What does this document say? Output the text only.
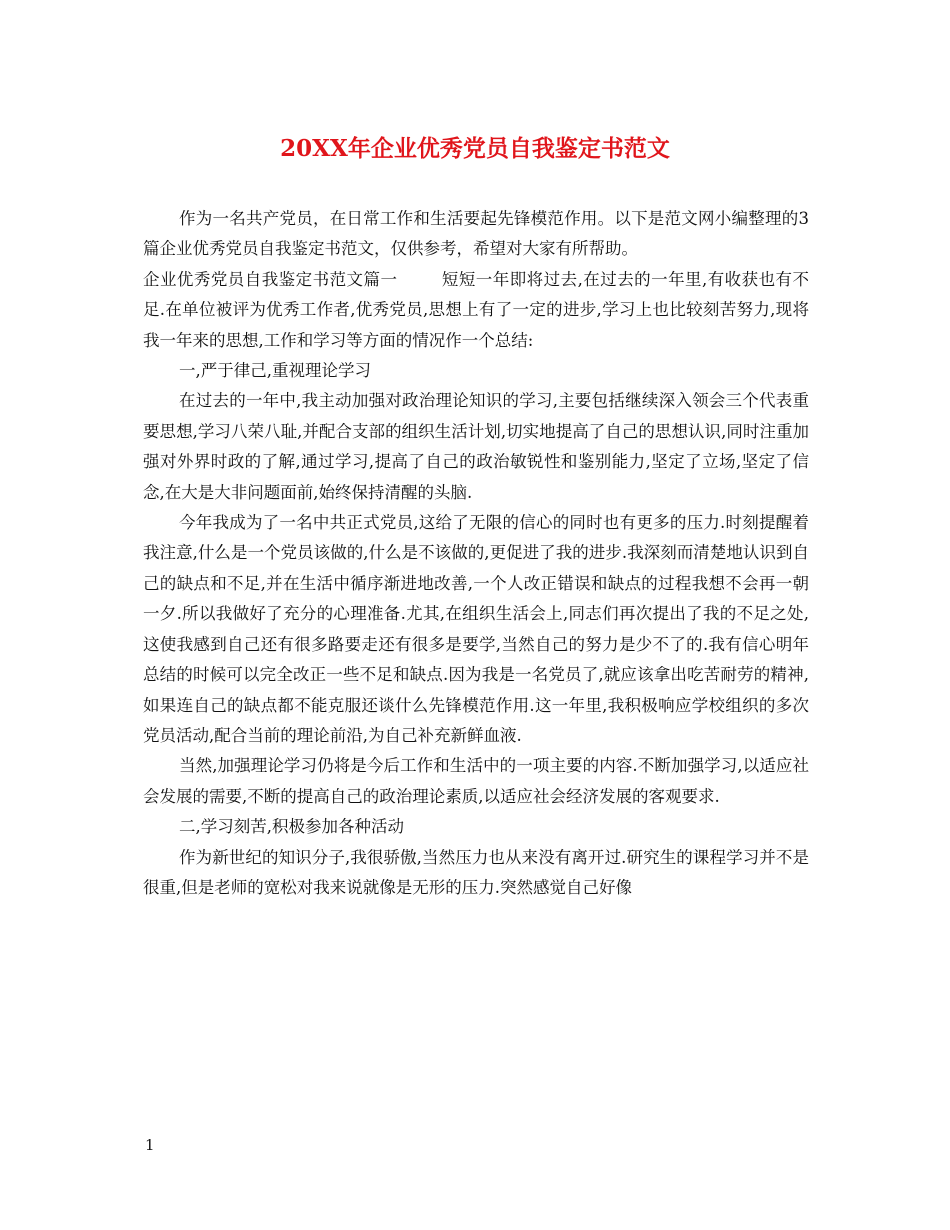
20XX年企业优秀党员自我鉴定书范文

作为一名共产党员，在日常工作和生活要起先锋模范作用。以下是范文网小编整理的3篇企业优秀党员自我鉴定书范文，仅供参考，希望对大家有所帮助。

企业优秀党员自我鉴定书范文篇一	短短一年即将过去,在过去的一年里,有收获也有不足.在单位被评为优秀工作者,优秀党员,思想上有了一定的进步,学习上也比较刻苦努力,现将我一年来的思想,工作和学习等方面的情况作一个总结:

一,严于律己,重视理论学习

在过去的一年中,我主动加强对政治理论知识的学习,主要包括继续深入领会三个代表重要思想,学习八荣八耻,并配合支部的组织生活计划,切实地提高了自己的思想认识,同时注重加强对外界时政的了解,通过学习,提高了自己的政治敏锐性和鉴别能力,坚定了立场,坚定了信念,在大是大非问题面前,始终保持清醒的头脑.

今年我成为了一名中共正式党员,这给了无限的信心的同时也有更多的压力.时刻提醒着我注意,什么是一个党员该做的,什么是不该做的,更促进了我的进步.我深刻而清楚地认识到自己的缺点和不足,并在生活中循序渐进地改善,一个人改正错误和缺点的过程我想不会再一朝一夕.所以我做好了充分的心理准备.尤其,在组织生活会上,同志们再次提出了我的不足之处,这使我感到自己还有很多路要走还有很多是要学,当然自己的努力是少不了的.我有信心明年总结的时候可以完全改正一些不足和缺点.因为我是一名党员了,就应该拿出吃苦耐劳的精神,如果连自己的缺点都不能克服还谈什么先锋模范作用.这一年里,我积极响应学校组织的多次党员活动,配合当前的理论前沿,为自己补充新鲜血液.

当然,加强理论学习仍将是今后工作和生活中的一项主要的内容.不断加强学习,以适应社会发展的需要,不断的提高自己的政治理论素质,以适应社会经济发展的客观要求.

二,学习刻苦,积极参加各种活动

作为新世纪的知识分子,我很骄傲,当然压力也从来没有离开过.研究生的课程学习并不是很重,但是老师的宽松对我来说就像是无形的压力.突然感觉自己好像

1
